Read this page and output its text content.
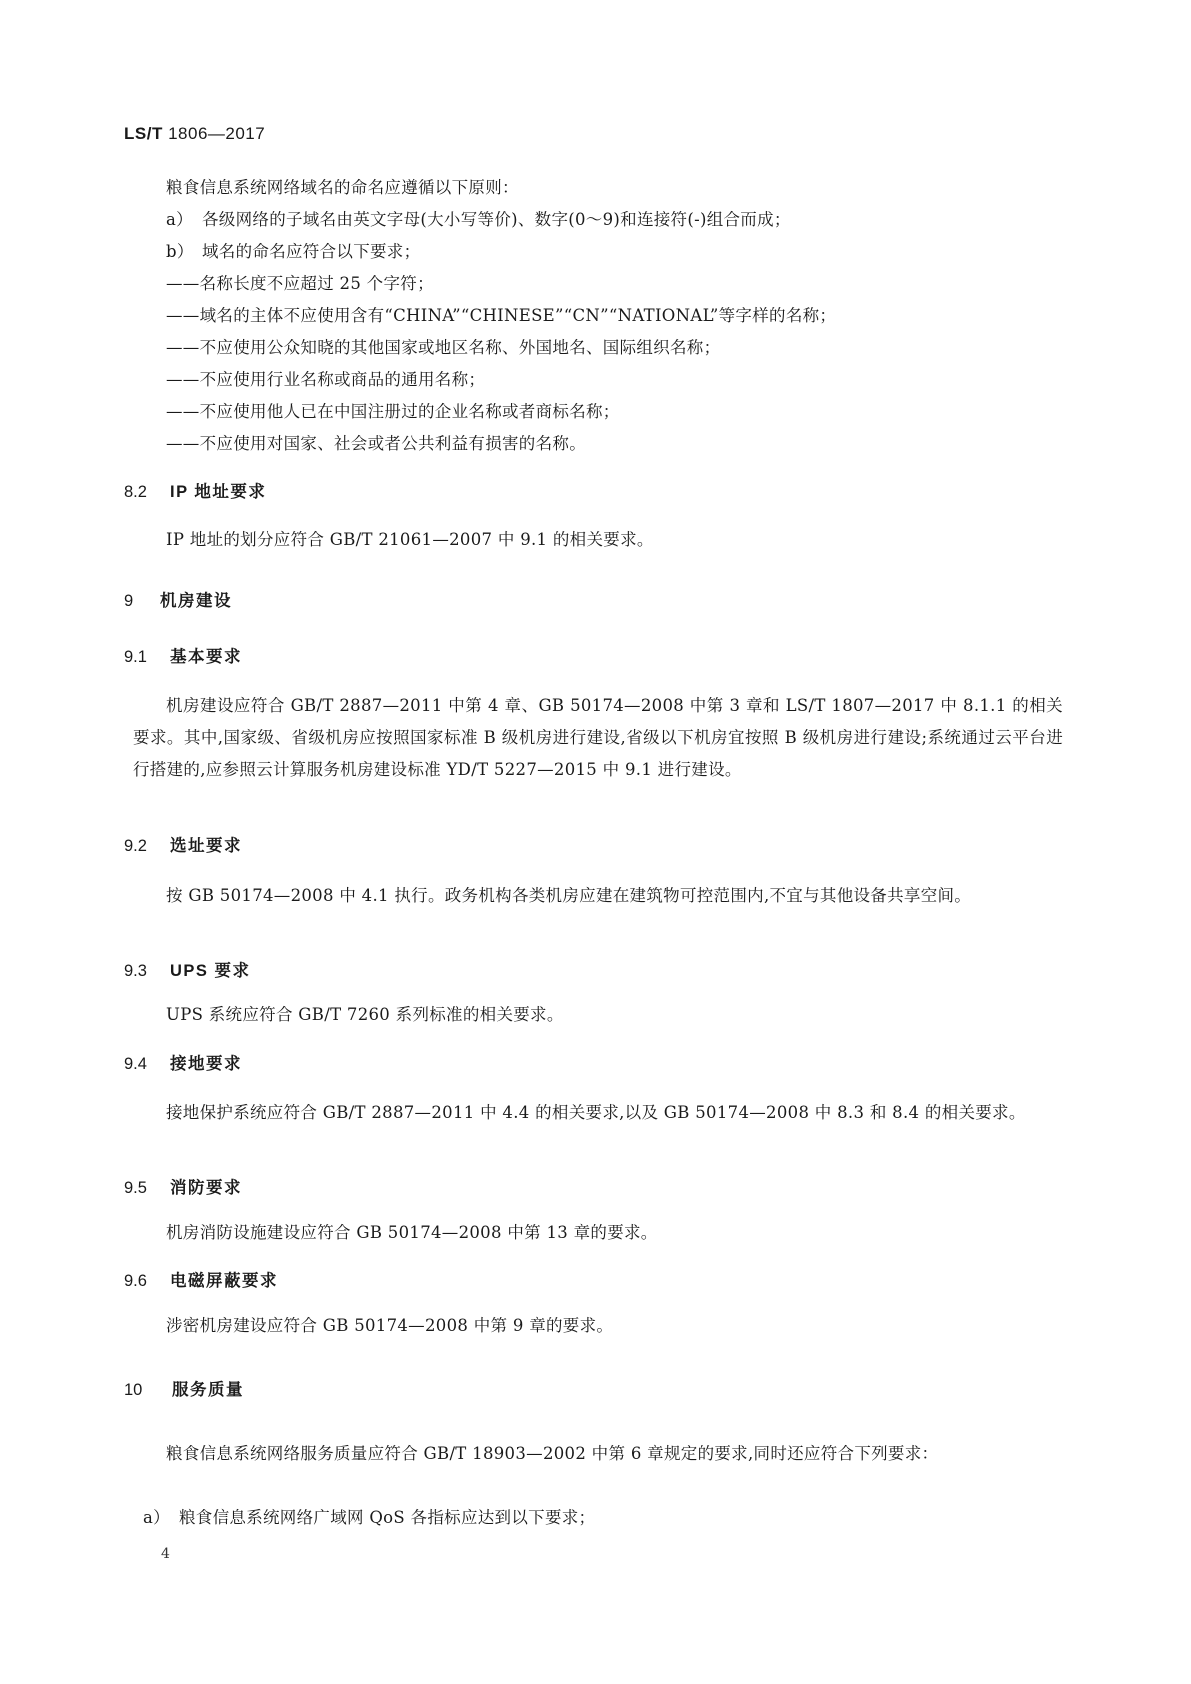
LS/T 1806—2017
粮食信息系统网络域名的命名应遵循以下原则：
a） 各级网络的子域名由英文字母(大小写等价)、数字(0～9)和连接符(-)组合而成；
b） 域名的命名应符合以下要求；
——名称长度不应超过 25 个字符；
——域名的主体不应使用含有“CHINA”“CHINESE”“CN”“NATIONAL”等字样的名称；
——不应使用公众知晓的其他国家或地区名称、外国地名、国际组织名称；
——不应使用行业名称或商品的通用名称；
——不应使用他人已在中国注册过的企业名称或者商标名称；
——不应使用对国家、社会或者公共利益有损害的名称。
8.2 IP 地址要求
IP 地址的划分应符合 GB/T 21061—2007 中 9.1 的相关要求。
9 机房建设
9.1 基本要求
机房建设应符合 GB/T 2887—2011 中第 4 章、GB 50174—2008 中第 3 章和 LS/T 1807—2017 中 8.1.1 的相关要求。其中,国家级、省级机房应按照国家标准 B 级机房进行建设,省级以下机房宜按照 B 级机房进行建设;系统通过云平台进行搭建的,应参照云计算服务机房建设标准 YD/T 5227—2015 中 9.1 进行建设。
9.2 选址要求
按 GB 50174—2008 中 4.1 执行。政务机构各类机房应建在建筑物可控范围内,不宜与其他设备共享空间。
9.3 UPS 要求
UPS 系统应符合 GB/T 7260 系列标准的相关要求。
9.4 接地要求
接地保护系统应符合 GB/T 2887—2011 中 4.4 的相关要求,以及 GB 50174—2008 中 8.3 和 8.4 的相关要求。
9.5 消防要求
机房消防设施建设应符合 GB 50174—2008 中第 13 章的要求。
9.6 电磁屏蔽要求
涉密机房建设应符合 GB 50174—2008 中第 9 章的要求。
10 服务质量
粮食信息系统网络服务质量应符合 GB/T 18903—2002 中第 6 章规定的要求,同时还应符合下列要求：
a） 粮食信息系统网络广域网 QoS 各指标应达到以下要求；
4
